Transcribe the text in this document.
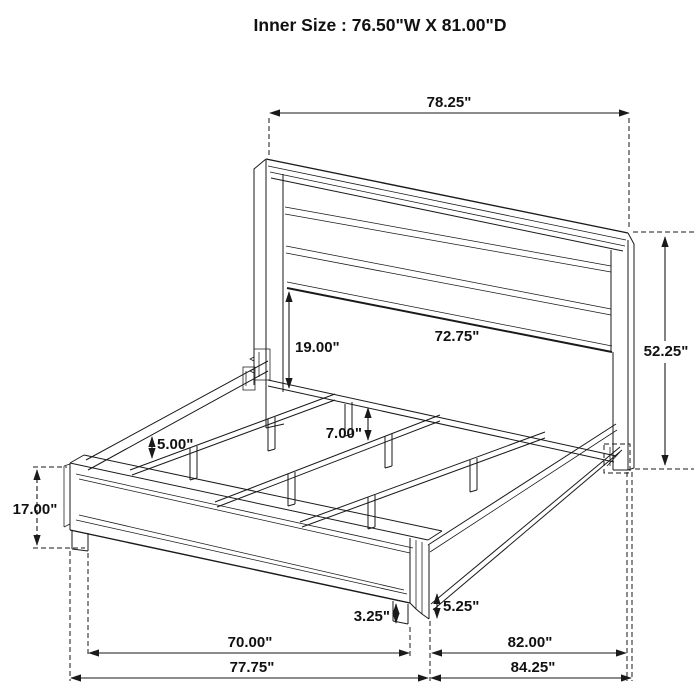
78.25"
52.25"
72.75"
19.00"
5.00"
7.00"
17.00"
3.25"
5.25"
70.00"	82.00"
77.75"	84.25"
Inner Size : 76.50"W X 81.00"D
